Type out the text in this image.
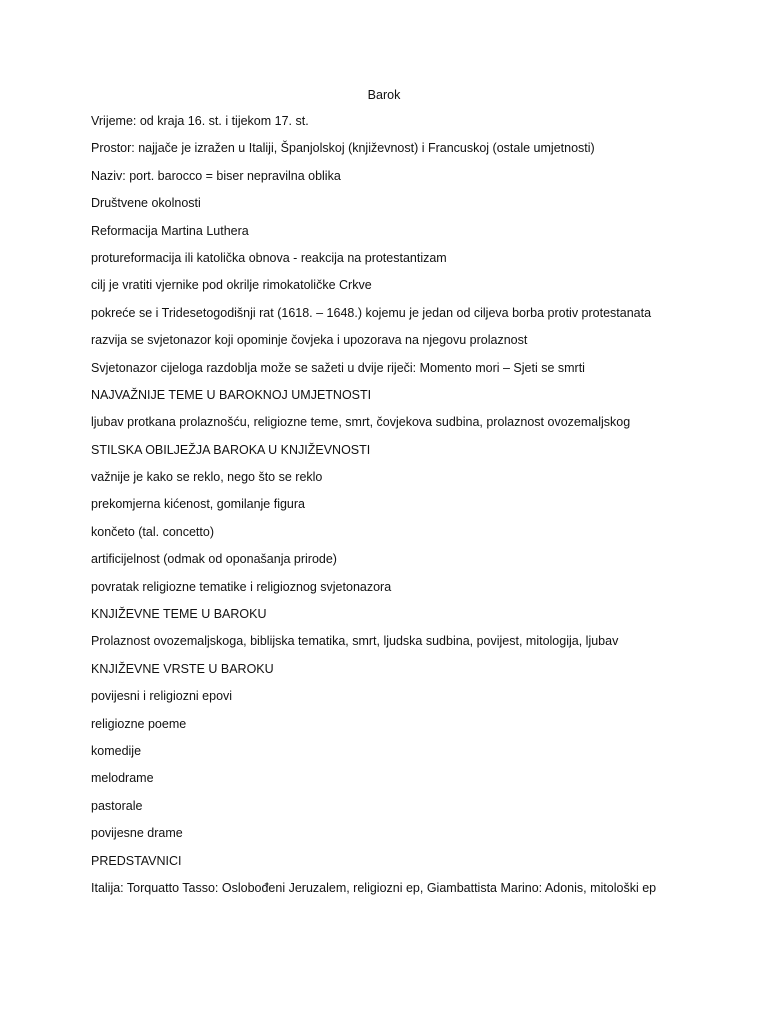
Barok
Vrijeme: od kraja 16. st. i tijekom 17. st.
Prostor: najjače je izražen u Italiji, Španjolskoj (književnost) i Francuskoj (ostale umjetnosti)
Naziv: port. barocco = biser nepravilna oblika
Društvene okolnosti
Reformacija Martina Luthera
protureformacija ili katolička obnova - reakcija na protestantizam
cilj je vratiti vjernike pod okrilje rimokatoličke Crkve
pokreće se i Tridesetogodišnji rat (1618. – 1648.) kojemu je jedan od ciljeva borba protiv protestanata
razvija se svjetonazor koji opominje čovjeka i upozorava na njegovu prolaznost
Svjetonazor cijeloga razdoblja može se sažeti u dvije riječi: Momento mori – Sjeti se smrti
NAJVAŽNIJE TEME U BAROKNOJ UMJETNOSTI
ljubav protkana prolaznošću, religiozne teme, smrt, čovjekova sudbina, prolaznost ovozemaljskog
STILSKA OBILJEŽJA BAROKA U KNJIŽEVNOSTI
važnije je kako se reklo, nego što se reklo
prekomjerna kićenost, gomilanje figura
končeto (tal. concetto)
artificijelnost (odmak od oponašanja prirode)
povratak religiozne tematike i religioznog svjetonazora
KNJIŽEVNE TEME U BAROKU
Prolaznost ovozemaljskoga, biblijska tematika, smrt, ljudska sudbina, povijest, mitologija, ljubav
KNJIŽEVNE VRSTE U BAROKU
povijesni i religiozni epovi
religiozne poeme
komedije
melodrame
pastorale
povijesne drame
PREDSTAVNICI
Italija: Torquatto Tasso: Oslobođeni Jeruzalem, religiozni ep, Giambattista Marino: Adonis, mitološki ep
